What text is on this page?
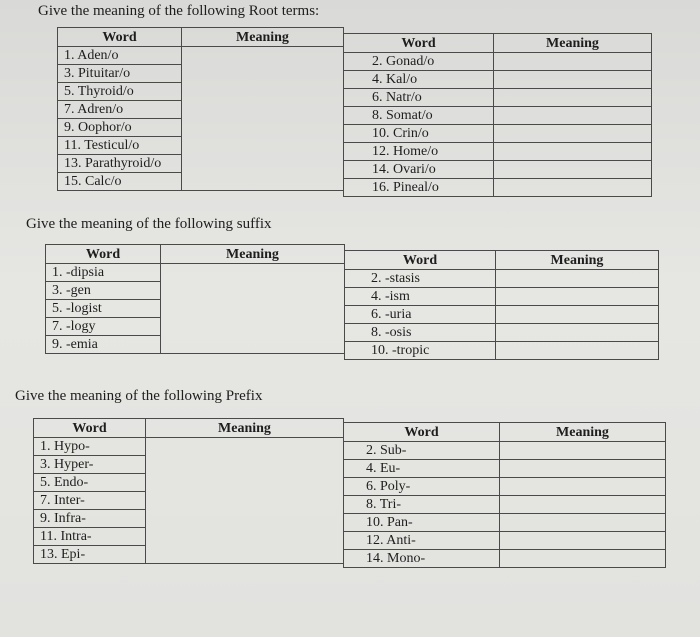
Give the meaning of the following Root terms:
Word	Meaning
1. Aden/o	
3. Pituitar/o	
5. Thyroid/o	
7. Adren/o	
9. Oophor/o	
11. Testicul/o	
13. Parathyroid/o	
15. Calc/o	
Word	Meaning
2. Gonad/o	
4. Kal/o	
6. Natr/o	
8. Somat/o	
10. Crin/o	
12. Home/o	
14. Ovari/o	
16. Pineal/o	
Give the meaning of the following suffix
Word	Meaning
1. -dipsia	
3. -gen	
5. -logist	
7. -logy	
9. -emia	
Word	Meaning
2. -stasis	
4. -ism	
6. -uria	
8. -osis	
10. -tropic	
Give the meaning of the following Prefix
Word	Meaning
1. Hypo-	
3. Hyper-	
5. Endo-	
7. Inter-	
9. Infra-	
11. Intra-	
13. Epi-	
Word	Meaning
2. Sub-	
4. Eu-	
6. Poly-	
8. Tri-	
10. Pan-	
12. Anti-	
14. Mono-	
